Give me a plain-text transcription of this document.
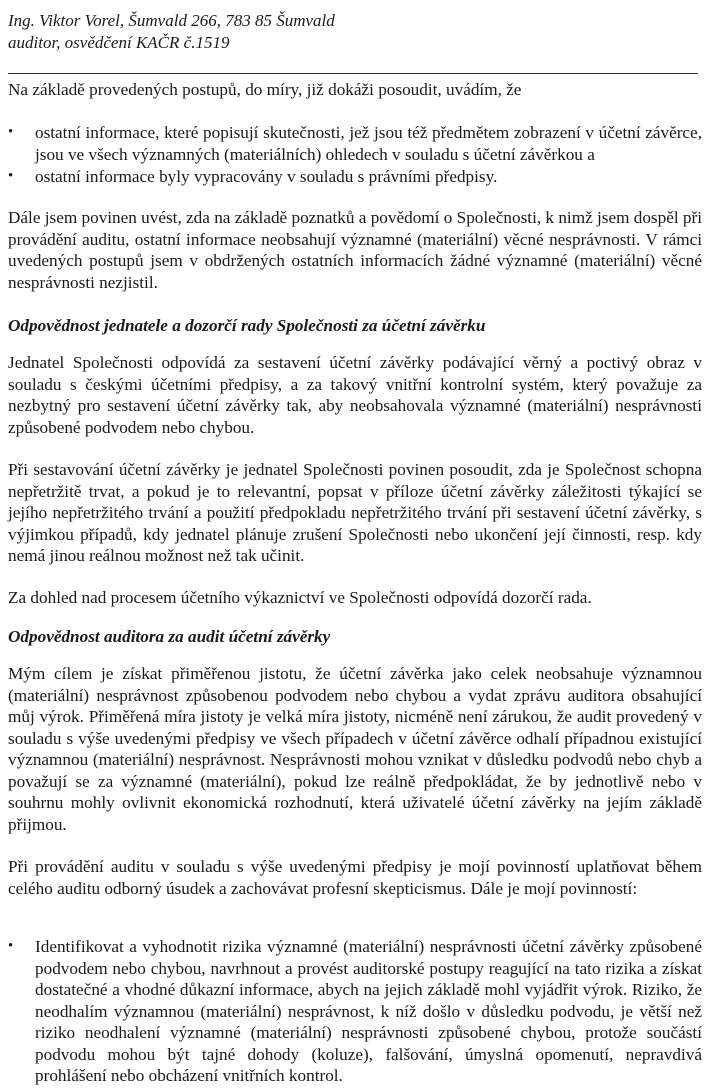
Ing. Viktor Vorel, Šumvald 266, 783 85 Šumvald
auditor, osvědčení KAČR č.1519
Na základě provedených postupů, do míry, již dokáži posoudit, uvádím, že
• ostatní informace, které popisují skutečnosti, jež jsou též předmětem zobrazení v účetní závěrce, jsou ve všech významných (materiálních) ohledech v souladu s účetní závěrkou a
• ostatní informace byly vypracovány v souladu s právními předpisy.
Dále jsem povinen uvést, zda na základě poznatků a povědomí o Společnosti, k nimž jsem dospěl při provádění auditu, ostatní informace neobsahují významné (materiální) věcné nesprávnosti. V rámci uvedených postupů jsem v obdržených ostatních informacích žádné významné (materiální) věcné nesprávnosti nezjistil.
Odpovědnost jednatele a dozorčí rady Společnosti za účetní závěrku
Jednatel Společnosti odpovídá za sestavení účetní závěrky podávající věrný a poctivý obraz v souladu s českými účetními předpisy, a za takový vnitřní kontrolní systém, který považuje za nezbytný pro sestavení účetní závěrky tak, aby neobsahovala významné (materiální) nesprávnosti způsobené podvodem nebo chybou.
Při sestavování účetní závěrky je jednatel Společnosti povinen posoudit, zda je Společnost schopna nepřetržitě trvat, a pokud je to relevantní, popsat v příloze účetní závěrky záležitosti týkající se jejího nepřetržitého trvání a použití předpokladu nepřetržitého trvání při sestavení účetní závěrky, s výjimkou případů, kdy jednatel plánuje zrušení Společnosti nebo ukončení její činnosti, resp. kdy nemá jinou reálnou možnost než tak učinit.
Za dohled nad procesem účetního výkaznictví ve Společnosti odpovídá dozorčí rada.
Odpovědnost auditora za audit účetní závěrky
Mým cílem je získat přiměřenou jistotu, že účetní závěrka jako celek neobsahuje významnou (materiální) nesprávnost způsobenou podvodem nebo chybou a vydat zprávu auditora obsahující můj výrok. Přiměřená míra jistoty je velká míra jistoty, nicméně není zárukou, že audit provedený v souladu s výše uvedenými předpisy ve všech případech v účetní závěrce odhalí případnou existující významnou (materiální) nesprávnost. Nesprávnosti mohou vznikat v důsledku podvodů nebo chyb a považují se za významné (materiální), pokud lze reálně předpokládat, že by jednotlivě nebo v souhrnu mohly ovlivnit ekonomická rozhodnutí, která uživatelé účetní závěrky na jejím základě přijmou.
Při provádění auditu v souladu s výše uvedenými předpisy je mojí povinností uplatňovat během celého auditu odborný úsudek a zachovávat profesní skepticismus. Dále je mojí povinností:
• Identifikovat a vyhodnotit rizika významné (materiální) nesprávnosti účetní závěrky způsobené podvodem nebo chybou, navrhnout a provést auditorské postupy reagující na tato rizika a získat dostatečné a vhodné důkazní informace, abych na jejich základě mohl vyjádřit výrok. Riziko, že neodhalím významnou (materiální) nesprávnost, k níž došlo v důsledku podvodu, je větší než riziko neodhalení významné (materiální) nesprávnosti způsobené chybou, protože součástí podvodu mohou být tajné dohody (koluze), falšování, úmyslná opomenutí, nepravdivá prohlášení nebo obcházení vnitřních kontrol.
